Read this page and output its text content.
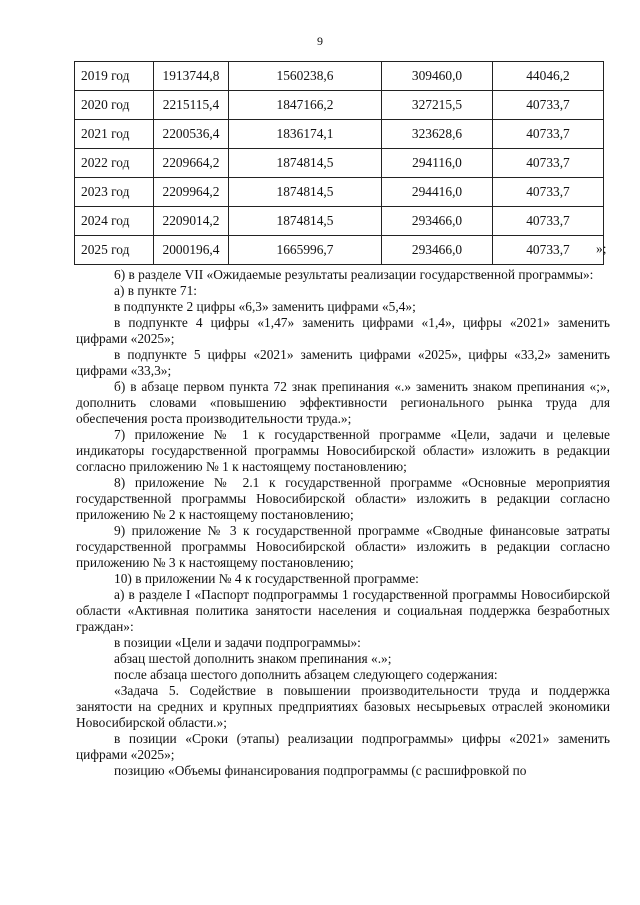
9
2019 год	1913744,8	1560238,6	309460,0	44046,2
2020 год	2215115,4	1847166,2	327215,5	40733,7
2021 год	2200536,4	1836174,1	323628,6	40733,7
2022 год	2209664,2	1874814,5	294116,0	40733,7
2023 год	2209964,2	1874814,5	294416,0	40733,7
2024 год	2209014,2	1874814,5	293466,0	40733,7
2025 год	2000196,4	1665996,7	293466,0	40733,7 »;

6) в разделе VII «Ожидаемые результаты реализации государственной программы»:

а) в пункте 71:

в подпункте 2 цифры «6,3» заменить цифрами «5,4»;

в подпункте 4 цифры «1,47» заменить цифрами «1,4», цифры «2021» заменить цифрами «2025»;

в подпункте 5 цифры «2021» заменить цифрами «2025», цифры «33,2» заменить цифрами «33,3»;

б) в абзаце первом пункта 72 знак препинания «.» заменить знаком препинания «;», дополнить словами «повышению эффективности регионального рынка труда для обеспечения роста производительности труда.»;

7) приложение № 1 к государственной программе «Цели, задачи и целевые индикаторы государственной программы Новосибирской области» изложить в редакции согласно приложению № 1 к настоящему постановлению;

8) приложение № 2.1 к государственной программе «Основные мероприятия государственной программы Новосибирской области» изложить в редакции согласно приложению № 2 к настоящему постановлению;

9) приложение № 3 к государственной программе «Сводные финансовые затраты государственной программы Новосибирской области» изложить в редакции согласно приложению № 3 к настоящему постановлению;

10) в приложении № 4 к государственной программе:

а) в разделе I «Паспорт подпрограммы 1 государственной программы Новосибирской области «Активная политика занятости населения и социальная поддержка безработных граждан»:

в позиции «Цели и задачи подпрограммы»:

абзац шестой дополнить знаком препинания «.»;

после абзаца шестого дополнить абзацем следующего содержания:

«Задача 5. Содействие в повышении производительности труда и поддержка занятости на средних и крупных предприятиях базовых несырьевых отраслей экономики Новосибирской области.»;

в позиции «Сроки (этапы) реализации подпрограммы» цифры «2021» заменить цифрами «2025»;

позицию «Объемы финансирования подпрограммы (с расшифровкой по
